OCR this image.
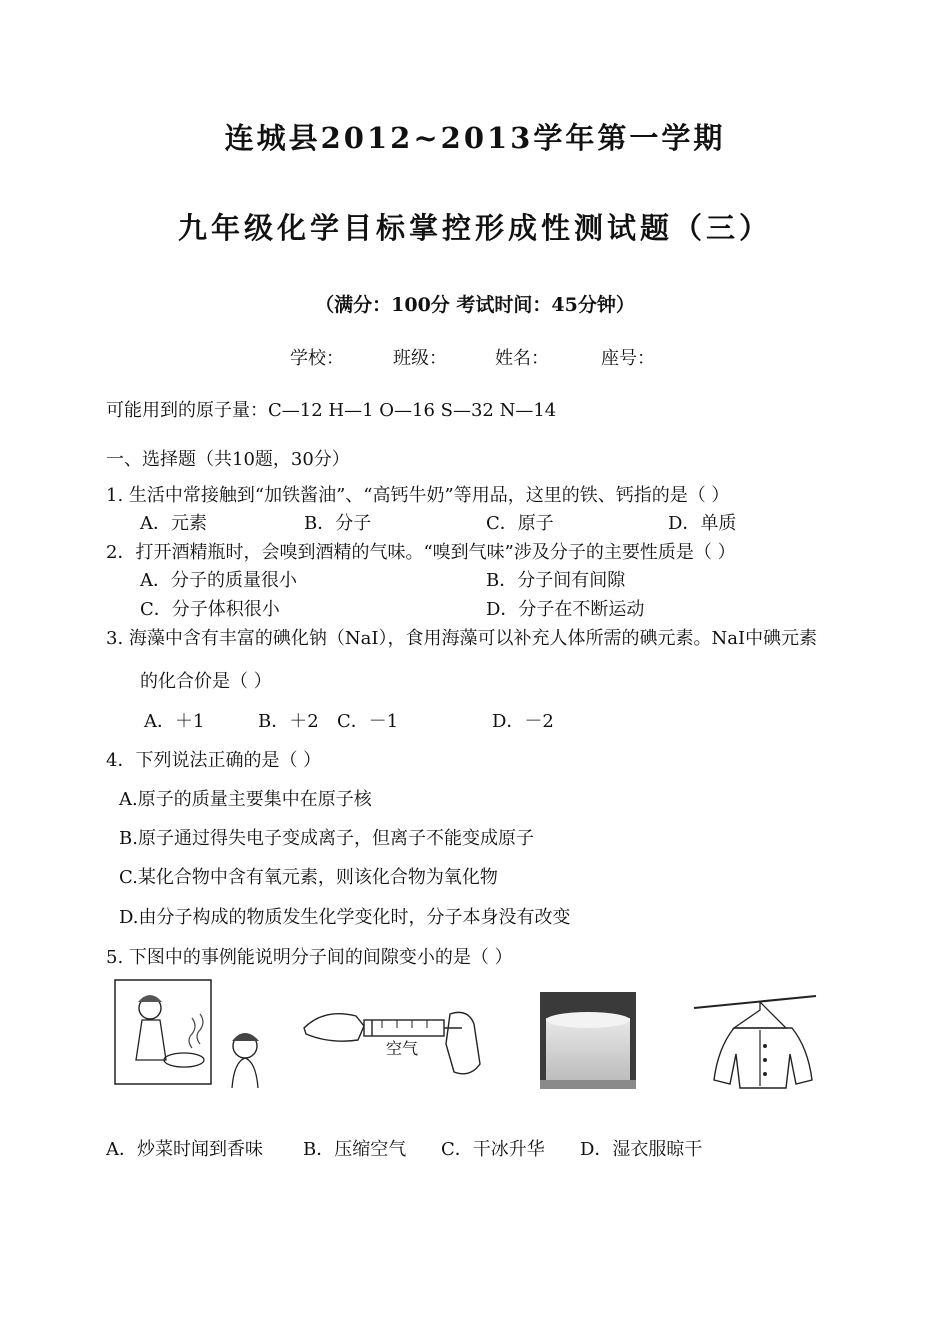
连城县2012~2013学年第一学期
九年级化学目标掌控形成性测试题（三）
（满分：100分 考试时间：45分钟）
学校：	班级：	姓名：	座号：
可能用到的原子量：C—12 H—1 O—16 S—32 N—14
一、选择题（共10题，30分）
1. 生活中常接触到“加铁酱油”、“高钙牛奶”等用品，这里的铁、钙指的是（ ）
A．元素	B．分子	C．原子	D．单质
2．打开酒精瓶时，会嗅到酒精的气味。“嗅到气味”涉及分子的主要性质是（ ）
A．分子的质量很小	B．分子间有间隙
C．分子体积很小	D．分子在不断运动
3. 海藻中含有丰富的碘化钠（NaI），食用海藻可以补充人体所需的碘元素。NaI中碘元素
的化合价是（ ）
A．＋1	B．＋2 C．－1	D．－2
4．下列说法正确的是（ ）
A.原子的质量主要集中在原子核
B.原子通过得失电子变成离子，但离子不能变成原子
C.某化合物中含有氧元素，则该化合物为氧化物
D.由分子构成的物质发生化学变化时，分子本身没有改变
5. 下图中的事例能说明分子间的间隙变小的是（ ）
空气
A．炒菜时闻到香味 B．压缩空气 C．干冰升华 D．湿衣服晾干
